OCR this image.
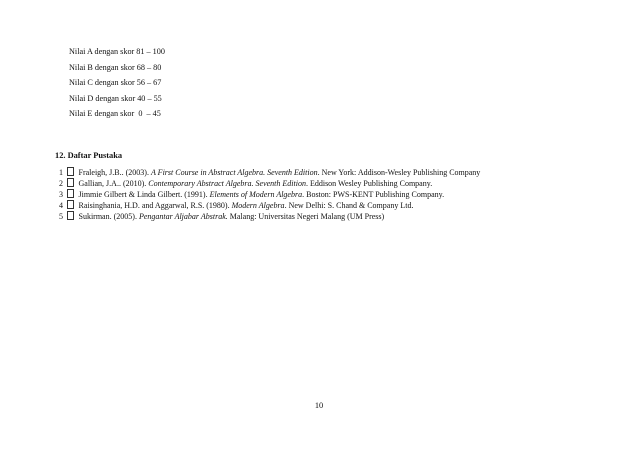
Nilai A dengan skor 81 – 100
Nilai B dengan skor 68 – 80
Nilai C dengan skor 56 – 67
Nilai D dengan skor 40 – 55
Nilai E dengan skor  0  – 45
12. Daftar Pustaka
1 Fraleigh, J.B.. (2003). A First Course in Abstract Algebra. Seventh Edition. New York: Addison-Wesley Publishing Company
2 Gallian, J.A.. (2010). Contemporary Abstract Algebra. Seventh Edition. Eddison Wesley Publishing Company.
3 Jimmie Gilbert & Linda Gilbert. (1991). Elements of Modern Algebra. Boston: PWS-KENT Publishing Company.
4 Raisinghania, H.D. and Aggarwal, R.S. (1980). Modern Algebra. New Delhi: S. Chand & Company Ltd.
5 Sukirman. (2005). Pengantar Aljabar Abstrak. Malang: Universitas Negeri Malang (UM Press)
10
